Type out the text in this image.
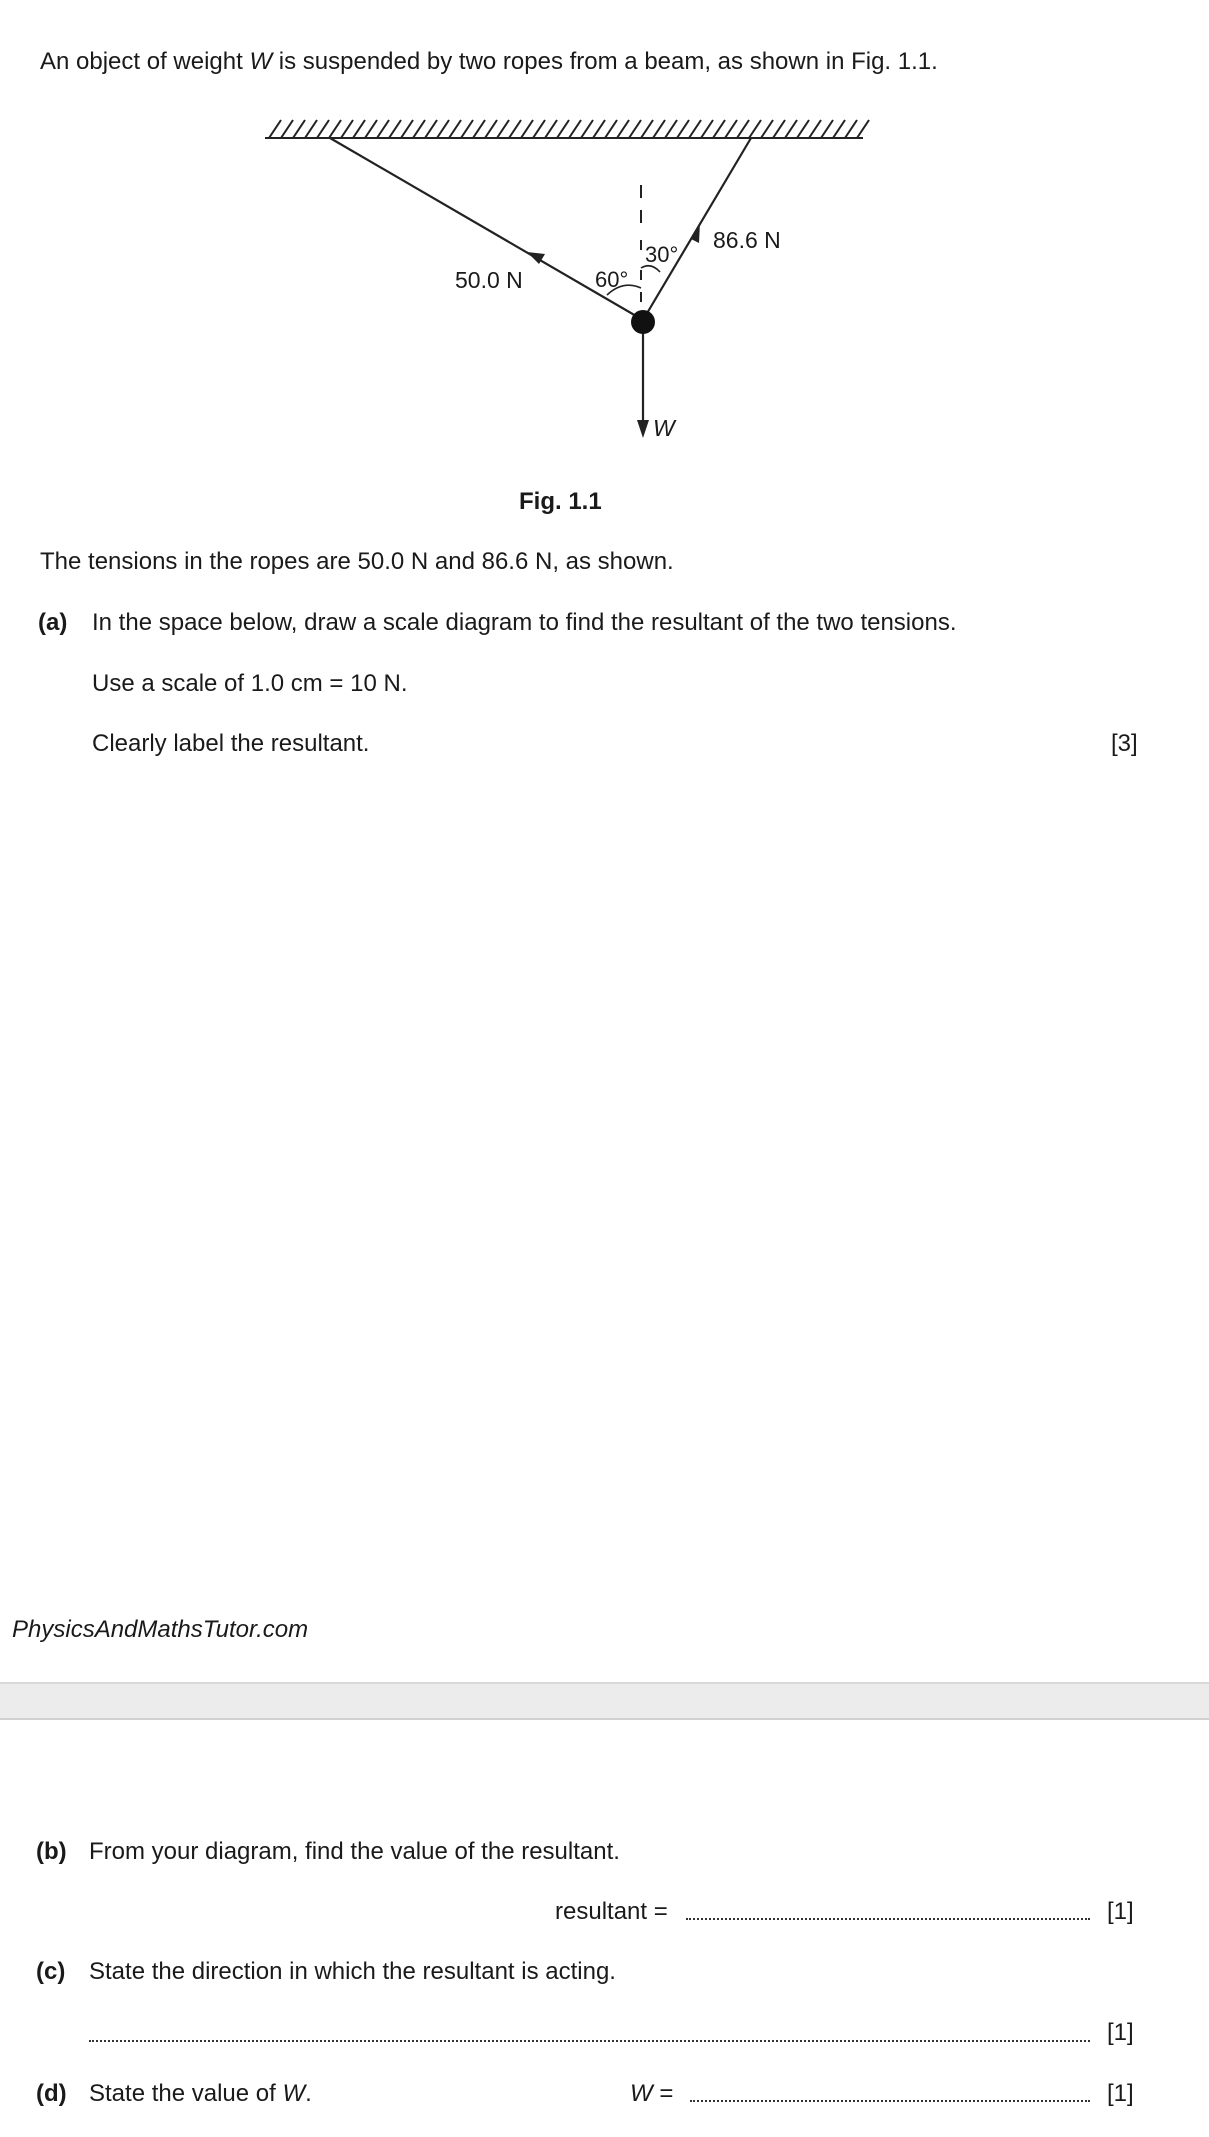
An object of weight W is suspended by two ropes from a beam, as shown in Fig. 1.1.
50.0 N
86.6 N
60°
30°
W
Fig. 1.1
The tensions in the ropes are 50.0 N and 86.6 N, as shown.
(a) In the space below, draw a scale diagram to find the resultant of the two tensions.
Use a scale of 1.0 cm = 10 N.
Clearly label the resultant.	[3]
PhysicsAndMathsTutor.com
(b) From your diagram, find the value of the resultant.
resultant =	[1]
(c) State the direction in which the resultant is acting.
[1]
(d) State the value of W.	W =	[1]
